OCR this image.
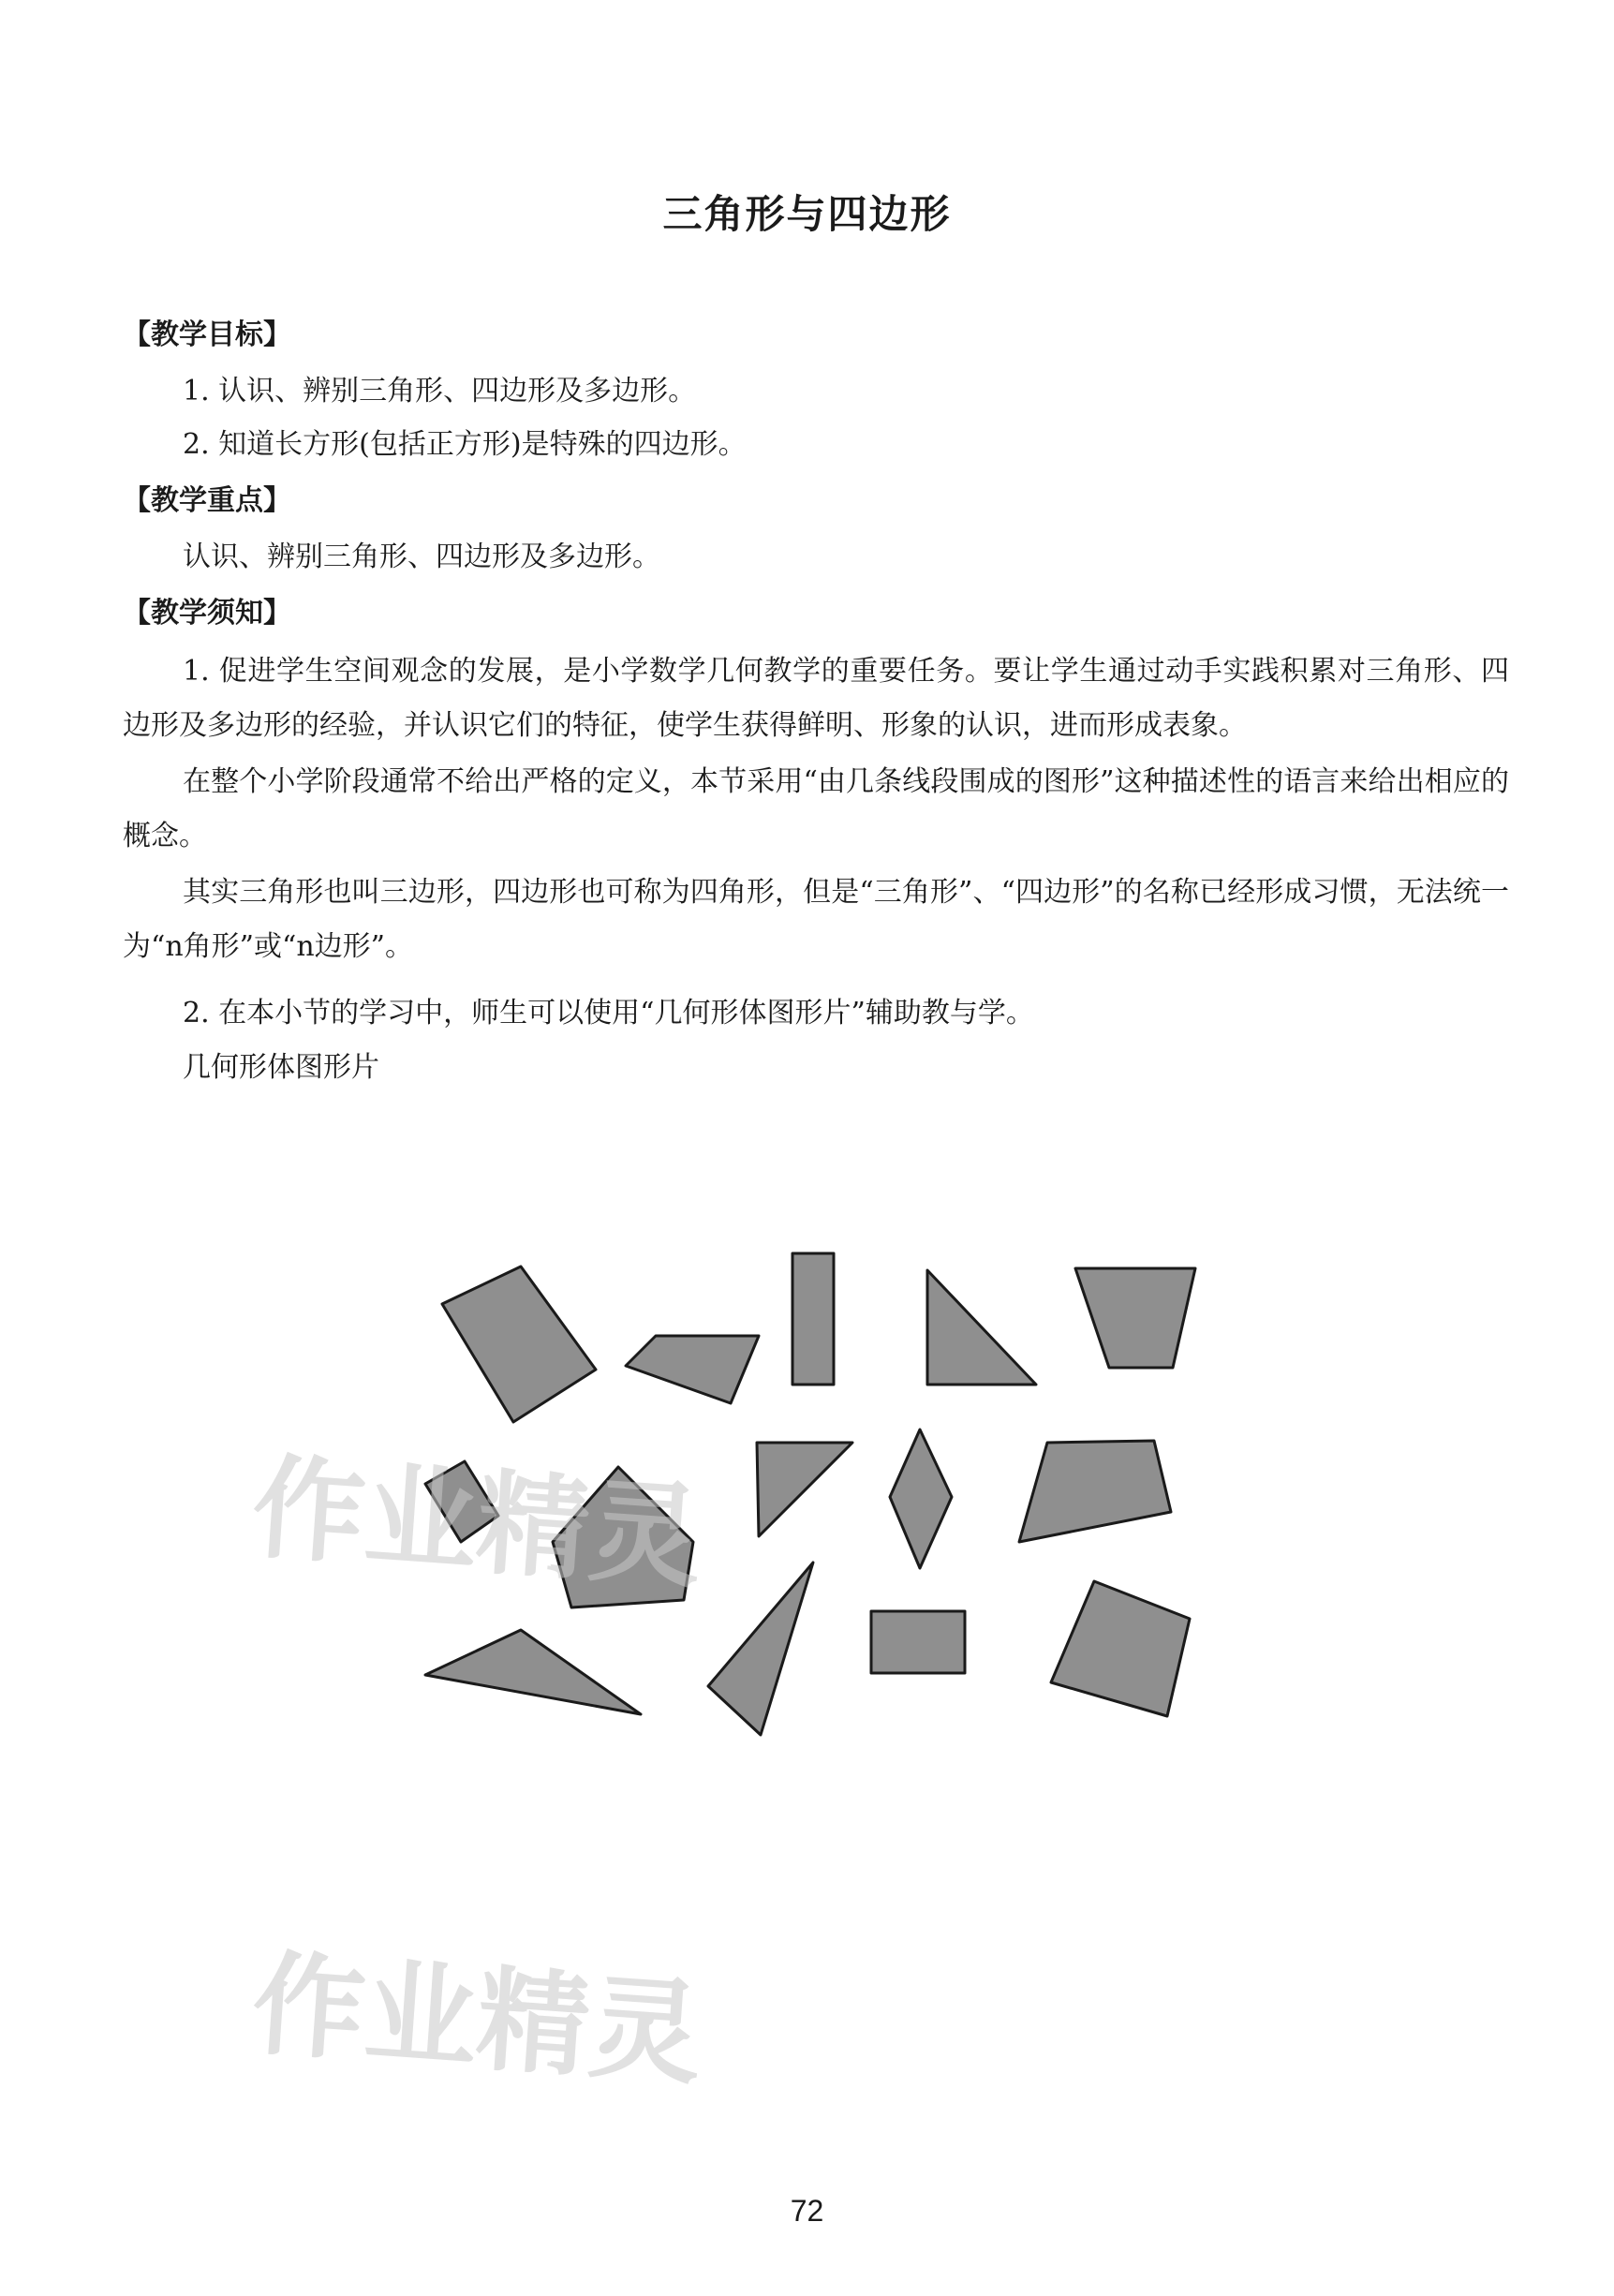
三角形与四边形
【教学目标】
1. 认识、辨别三角形、四边形及多边形。
2. 知道长方形(包括正方形)是特殊的四边形。
【教学重点】
认识、辨别三角形、四边形及多边形。
【教学须知】
1. 促进学生空间观念的发展，是小学数学几何教学的重要任务。要让学生通过动手实践积累对三角形、四边形及多边形的经验，并认识它们的特征，使学生获得鲜明、形象的认识，进而形成表象。
在整个小学阶段通常不给出严格的定义，本节采用“由几条线段围成的图形”这种描述性的语言来给出相应的概念。
其实三角形也叫三边形，四边形也可称为四角形，但是“三角形”、“四边形”的名称已经形成习惯，无法统一为“n角形”或“n边形”。
2. 在本小节的学习中，师生可以使用“几何形体图形片”辅助教与学。
几何形体图形片
作业精灵
作业精灵
72
